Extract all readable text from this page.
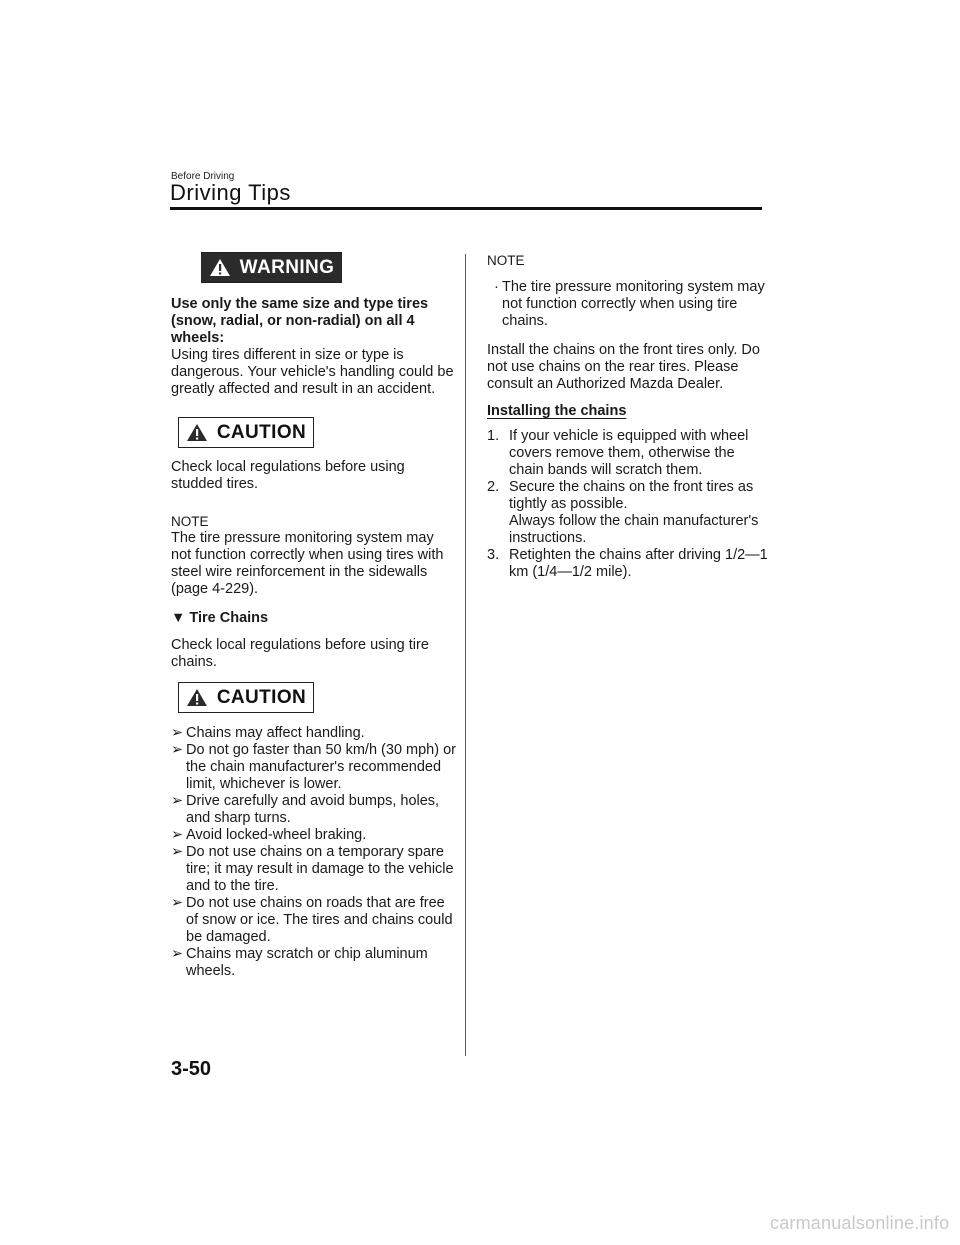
Before Driving
Driving Tips
WARNING

Use only the same size and type tires (snow, radial, or non-radial) on all 4 wheels:

Using tires different in size or type is dangerous. Your vehicle's handling could be greatly affected and result in an accident.

CAUTION

Check local regulations before using studded tires.

NOTE

The tire pressure monitoring system may not function correctly when using tires with steel wire reinforcement in the sidewalls (page 4-229).

▼ Tire Chains

Check local regulations before using tire chains.

CAUTION
➢ Chains may affect handling.
➢ Do not go faster than 50 km/h (30 mph) or the chain manufacturer's recommended limit, whichever is lower.
➢ Drive carefully and avoid bumps, holes, and sharp turns.
➢ Avoid locked-wheel braking.
➢ Do not use chains on a temporary spare tire; it may result in damage to the vehicle and to the tire.
➢ Do not use chains on roads that are free of snow or ice. The tires and chains could be damaged.
➢ Chains may scratch or chip aluminum wheels.

NOTE

· The tire pressure monitoring system may not function correctly when using tire chains.

Install the chains on the front tires only. Do not use chains on the rear tires. Please consult an Authorized Mazda Dealer.

Installing the chains

1. If your vehicle is equipped with wheel covers remove them, otherwise the chain bands will scratch them.
2. Secure the chains on the front tires as tightly as possible.
Always follow the chain manufacturer's instructions.
3. Retighten the chains after driving 1/2—1 km (1/4—1/2 mile).
3-50
carmanualsonline.info
